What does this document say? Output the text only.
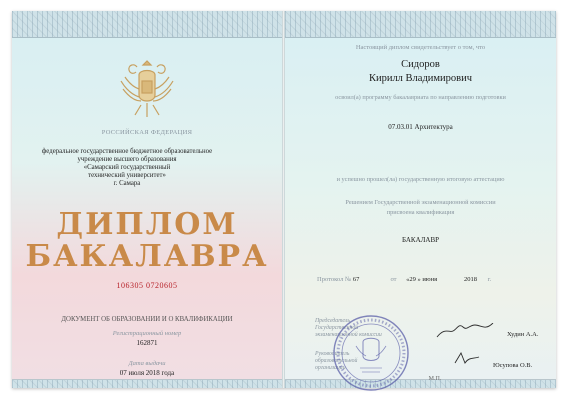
РОССИЙСКАЯ ФЕДЕРАЦИЯ
федеральное государственное бюджетное образовательное
учреждение высшего образования
«Самарский государственный
технический университет»
г. Самара
ДИПЛОМ
БАКАЛАВРА
106305 0720605
ДОКУМЕНТ ОБ ОБРАЗОВАНИИ И О КВАЛИФИКАЦИИ
Регистрационный номер
162871
Дата выдачи
07 июля 2018 года
Настоящий диплом свидетельствует о том, что
Сидоров
Кирилл Владимирович
освоил(а) программу бакалавриата по направлению подготовки
07.03.01 Архитектура
и успешно прошел(ла) государственную итоговую аттестацию
Решением Государственной экзаменационной комиссии
присвоена квалификация
БАКАЛАВР
Протокол № 67	от «29 » июня	2018 г.
Председатель
Государственной
экзаменационной комиссии	Худин А.А.
Руководитель
образовательной
организации	Юсупова О.В.
М.П.
